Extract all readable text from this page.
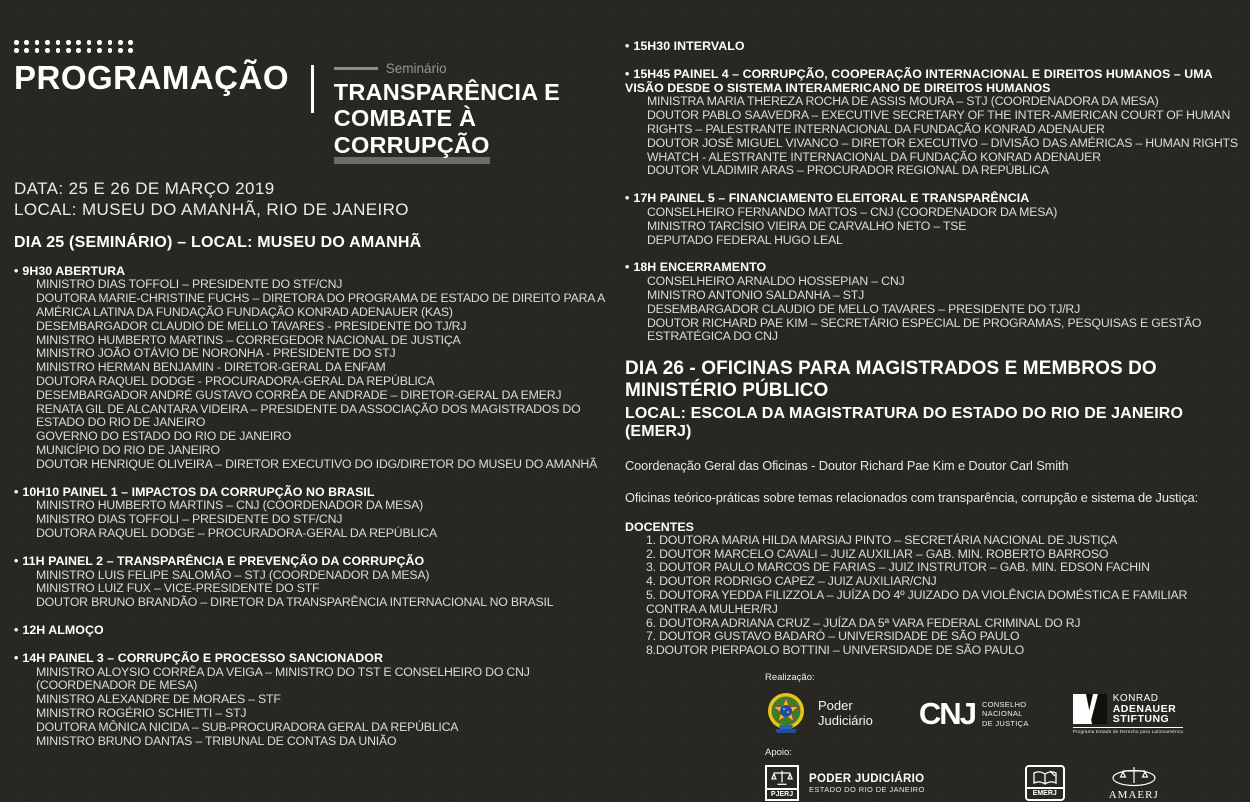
PROGRAMAÇÃO	Seminário
TRANSPARÊNCIA E
COMBATE À CORRUPÇÃO
DATA: 25 E 26 DE MARÇO 2019
LOCAL: MUSEU DO AMANHÃ, RIO DE JANEIRO
DIA 25 (SEMINÁRIO) – LOCAL: MUSEU DO AMANHÃ
• 9H30 ABERTURA
MINISTRO DIAS TOFFOLI – PRESIDENTE DO STF/CNJ
DOUTORA MARIE-CHRISTINE FUCHS – DIRETORA DO PROGRAMA DE ESTADO DE DIREITO PARA A AMÉRICA LATINA DA FUNDAÇÃO FUNDAÇÃO KONRAD ADENAUER (KAS)
DESEMBARGADOR CLAUDIO DE MELLO TAVARES - PRESIDENTE DO TJ/RJ
MINISTRO HUMBERTO MARTINS – CORREGEDOR NACIONAL DE JUSTIÇA
MINISTRO JOÃO OTÁVIO DE NORONHA - PRESIDENTE DO STJ
MINISTRO HERMAN BENJAMIN - DIRETOR-GERAL DA ENFAM
DOUTORA RAQUEL DODGE - PROCURADORA-GERAL DA REPÚBLICA
DESEMBARGADOR ANDRÉ GUSTAVO CORRÊA DE ANDRADE – DIRETOR-GERAL DA EMERJ
RENATA GIL DE ALCANTARA VIDEIRA – PRESIDENTE DA ASSOCIAÇÃO DOS MAGISTRADOS DO ESTADO DO RIO DE JANEIRO
GOVERNO DO ESTADO DO RIO DE JANEIRO
MUNICÍPIO DO RIO DE JANEIRO
DOUTOR HENRIQUE OLIVEIRA – DIRETOR EXECUTIVO DO IDG/DIRETOR DO MUSEU DO AMANHÃ
• 10H10 PAINEL 1 – IMPACTOS DA CORRUPÇÃO NO BRASIL
MINISTRO HUMBERTO MARTINS – CNJ (COORDENADOR DA MESA)
MINISTRO DIAS TOFFOLI – PRESIDENTE DO STF/CNJ
DOUTORA RAQUEL DODGE – PROCURADORA-GERAL DA REPÚBLICA
• 11H PAINEL 2 – TRANSPARÊNCIA E PREVENÇÃO DA CORRUPÇÃO
MINISTRO LUIS FELIPE SALOMÃO – STJ (COORDENADOR DA MESA)
MINISTRO LUIZ FUX – VICE-PRESIDENTE DO STF
DOUTOR BRUNO BRANDÃO – DIRETOR DA TRANSPARÊNCIA INTERNACIONAL NO BRASIL
• 12H ALMOÇO
• 14H PAINEL 3 – CORRUPÇÃO E PROCESSO SANCIONADOR
MINISTRO ALOYSIO CORRÊA DA VEIGA – MINISTRO DO TST E CONSELHEIRO DO CNJ (COORDENADOR DE MESA)
MINISTRO ALEXANDRE DE MORAES – STF
MINISTRO ROGÉRIO SCHIETTI – STJ
DOUTORA MÔNICA NICIDA – SUB-PROCURADORA GERAL DA REPÚBLICA
MINISTRO BRUNO DANTAS – TRIBUNAL DE CONTAS DA UNIÃO
• 15H30 INTERVALO
• 15H45 PAINEL 4 – CORRUPÇÃO, COOPERAÇÃO INTERNACIONAL E DIREITOS HUMANOS – UMA VISÃO DESDE O SISTEMA INTERAMERICANO DE DIREITOS HUMANOS
MINISTRA MARIA THEREZA ROCHA DE ASSIS MOURA – STJ (COORDENADORA DA MESA)
DOUTOR PABLO SAAVEDRA – EXECUTIVE SECRETARY OF THE INTER-AMERICAN COURT OF HUMAN RIGHTS – PALESTRANTE INTERNACIONAL DA FUNDAÇÃO KONRAD ADENAUER
DOUTOR JOSÉ MIGUEL VIVANCO – DIRETOR EXECUTIVO – DIVISÃO DAS AMÉRICAS – HUMAN RIGHTS WHATCH - ALESTRANTE INTERNACIONAL DA FUNDAÇÃO KONRAD ADENAUER
DOUTOR VLADIMIR ARAS – PROCURADOR REGIONAL DA REPÚBLICA
• 17H PAINEL 5 – FINANCIAMENTO ELEITORAL E TRANSPARÊNCIA
CONSELHEIRO FERNANDO MATTOS – CNJ (COORDENADOR DA MESA)
MINISTRO TARCÍSIO VIEIRA DE CARVALHO NETO – TSE
DEPUTADO FEDERAL HUGO LEAL
• 18H ENCERRAMENTO
CONSELHEIRO ARNALDO HOSSEPIAN – CNJ
MINISTRO ANTONIO SALDANHA – STJ
DESEMBARGADOR CLAUDIO DE MELLO TAVARES – PRESIDENTE DO TJ/RJ
DOUTOR RICHARD PAE KIM – SECRETÁRIO ESPECIAL DE PROGRAMAS, PESQUISAS E GESTÃO ESTRATÉGICA DO CNJ
DIA 26 - OFICINAS PARA MAGISTRADOS E MEMBROS DO MINISTÉRIO PÚBLICO
LOCAL: ESCOLA DA MAGISTRATURA DO ESTADO DO RIO DE JANEIRO (EMERJ)

Coordenação Geral das Oficinas - Doutor Richard Pae Kim e Doutor Carl Smith

Oficinas teórico-práticas sobre temas relacionados com transparência, corrupção e sistema de Justiça:

DOCENTES
1. DOUTORA MARIA HILDA MARSIAJ PINTO – SECRETÁRIA NACIONAL DE JUSTIÇA
2. DOUTOR MARCELO CAVALI – JUIZ AUXILIAR – GAB. MIN. ROBERTO BARROSO
3. DOUTOR PAULO MARCOS DE FARIAS – JUIZ INSTRUTOR – GAB. MIN. EDSON FACHIN
4. DOUTOR RODRIGO CAPEZ – JUIZ AUXILIAR/CNJ
5. DOUTORA YEDDA FILIZZOLA – JUÍZA DO 4º JUIZADO DA VIOLÊNCIA DOMÉSTICA E FAMILIAR CONTRA A MULHER/RJ
6. DOUTORA ADRIANA CRUZ – JUÍZA DA 5ª VARA FEDERAL CRIMINAL DO RJ
7. DOUTOR GUSTAVO BADARÓ – UNIVERSIDADE DE SÃO PAULO
8.DOUTOR PIERPAOLO BOTTINI – UNIVERSIDADE DE SÃO PAULO
Realização:
Poder
Judiciário CNJ CONSELHO
NACIONAL
DE JUSTIÇA
KONRAD
ADENAUER
STIFTUNG
Programa Estado de Derecho para Latinoamérica
Apoio:
PJERJ
PODER JUDICIÁRIO
ESTADO DO RIO DE JANEIRO
EMERJ	AMAERJ
